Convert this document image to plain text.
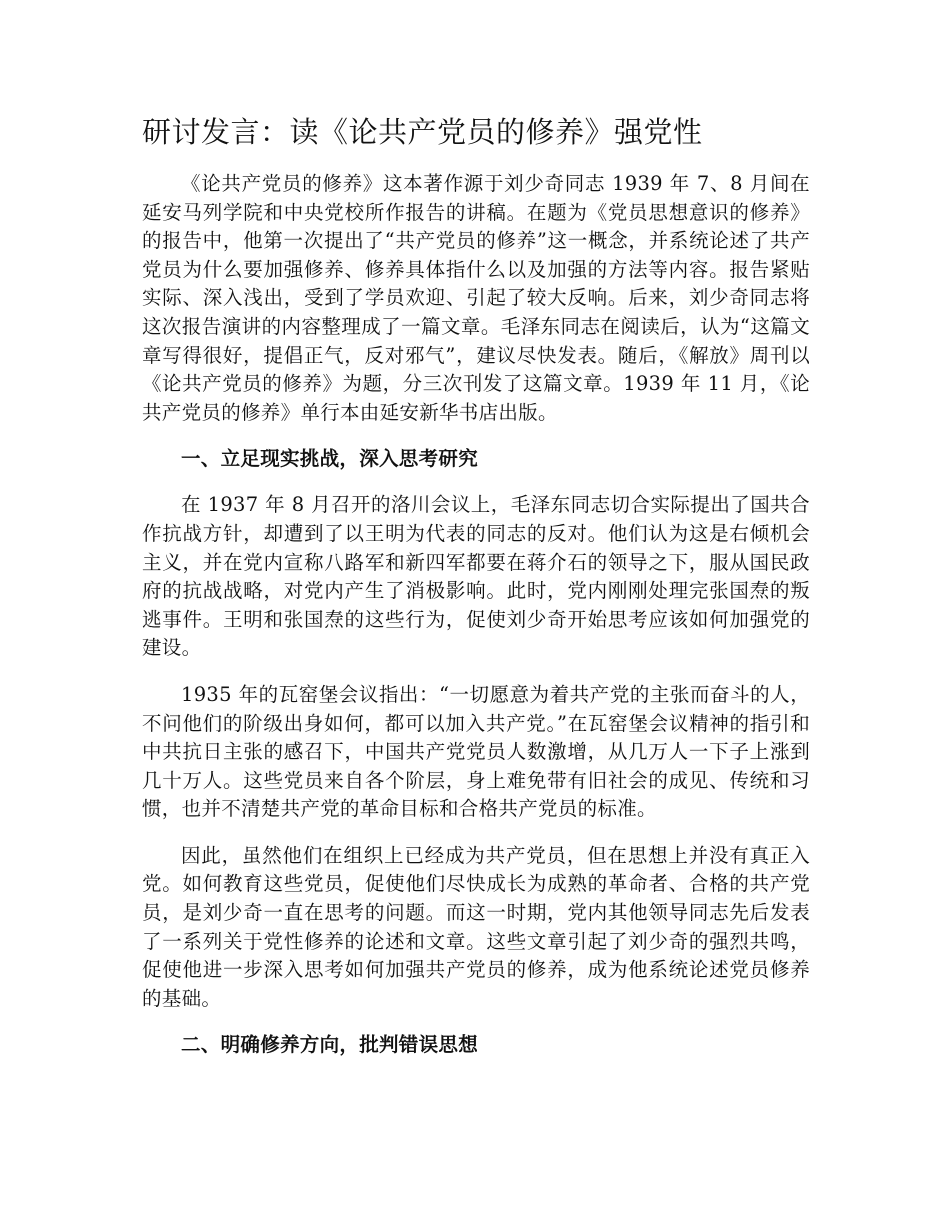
研讨发言：读《论共产党员的修养》强党性

《论共产党员的修养》这本著作源于刘少奇同志 1939 年 7、8 月间在延安马列学院和中央党校所作报告的讲稿。在题为《党员思想意识的修养》的报告中，他第一次提出了“共产党员的修养”这一概念，并系统论述了共产党员为什么要加强修养、修养具体指什么以及加强的方法等内容。报告紧贴实际、深入浅出，受到了学员欢迎、引起了较大反响。后来，刘少奇同志将这次报告演讲的内容整理成了一篇文章。毛泽东同志在阅读后，认为“这篇文章写得很好，提倡正气，反对邪气”，建议尽快发表。随后，《解放》周刊以《论共产党员的修养》为题，分三次刊发了这篇文章。1939 年 11 月，《论共产党员的修养》单行本由延安新华书店出版。

一、立足现实挑战，深入思考研究

在 1937 年 8 月召开的洛川会议上，毛泽东同志切合实际提出了国共合作抗战方针，却遭到了以王明为代表的同志的反对。他们认为这是右倾机会主义，并在党内宣称八路军和新四军都要在蒋介石的领导之下，服从国民政府的抗战战略，对党内产生了消极影响。此时，党内刚刚处理完张国焘的叛逃事件。王明和张国焘的这些行为，促使刘少奇开始思考应该如何加强党的建设。

1935 年的瓦窑堡会议指出：“一切愿意为着共产党的主张而奋斗的人，不问他们的阶级出身如何，都可以加入共产党。”在瓦窑堡会议精神的指引和中共抗日主张的感召下，中国共产党党员人数激增，从几万人一下子上涨到几十万人。这些党员来自各个阶层，身上难免带有旧社会的成见、传统和习惯，也并不清楚共产党的革命目标和合格共产党员的标准。

因此，虽然他们在组织上已经成为共产党员，但在思想上并没有真正入党。如何教育这些党员，促使他们尽快成长为成熟的革命者、合格的共产党员，是刘少奇一直在思考的问题。而这一时期，党内其他领导同志先后发表了一系列关于党性修养的论述和文章。这些文章引起了刘少奇的强烈共鸣，促使他进一步深入思考如何加强共产党员的修养，成为他系统论述党员修养的基础。

二、明确修养方向，批判错误思想
